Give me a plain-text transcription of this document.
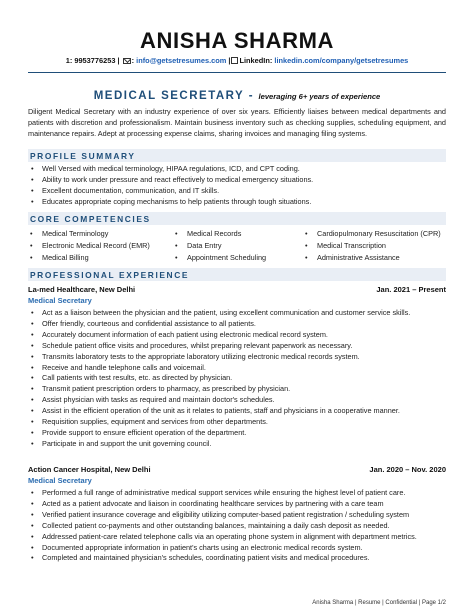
ANISHA SHARMA
1: 9953776253 | : info@getsetresumes.com | LinkedIn: linkedin.com/company/getsetresumes
MEDICAL SECRETARY - leveraging 6+ years of experience
Diligent Medical Secretary with an industry experience of over six years. Efficiently liaises between medical departments and patients with discretion and professionalism. Maintain business inventory such as checking supplies, scheduling equipment, and maintenance repairs. Adept at processing expense claims, sharing invoices and managing filing systems.
PROFILE SUMMARY
• Well Versed with medical terminology, HIPAA regulations, ICD, and CPT coding.
• Ability to work under pressure and react effectively to medical emergency situations.
• Excellent documentation, communication, and IT skills.
• Educates appropriate coping mechanisms to help patients through tough situations.
CORE COMPETENCIES
• Medical Terminology
• Electronic Medical Record (EMR)
• Medical Billing
• Medical Records
• Data Entry
• Appointment Scheduling
• Cardiopulmonary Resuscitation (CPR)
• Medical Transcription
• Administrative Assistance
PROFESSIONAL EXPERIENCE
La-med Healthcare, New Delhi	Jan. 2021 – Present
Medical Secretary
• Act as a liaison between the physician and the patient, using excellent communication and customer service skills.
• Offer friendly, courteous and confidential assistance to all patients.
• Accurately document information of each patient using electronic medical record system.
• Schedule patient office visits and procedures, whilst preparing relevant paperwork as necessary.
• Transmits laboratory tests to the appropriate laboratory utilizing electronic medical records system.
• Receive and handle telephone calls and voicemail.
• Call patients with test results, etc. as directed by physician.
• Transmit patient prescription orders to pharmacy, as prescribed by physician.
• Assist physician with tasks as required and maintain doctor's schedules.
• Assist in the efficient operation of the unit as it relates to patients, staff and physicians in a cooperative manner.
• Requisition supplies, equipment and services from other departments.
• Provide support to ensure efficient operation of the department.
• Participate in and support the unit governing council.
Action Cancer Hospital, New Delhi	Jan. 2020 – Nov. 2020
Medical Secretary
• Performed a full range of administrative medical support services while ensuring the highest level of patient care.
• Acted as a patient advocate and liaison in coordinating healthcare services by partnering with a care team
• Verified patient insurance coverage and eligibility utilizing computer-based patient registration / scheduling system
• Collected patient co-payments and other outstanding balances, maintaining a daily cash deposit as needed.
• Addressed patient-care related telephone calls via an operating phone system in alignment with department metrics.
• Documented appropriate information in patient's charts using an electronic medical records system.
• Completed and maintained physician's schedules, coordinating patient visits and medical procedures.
Anisha Sharma | Resume | Confidential | Page 1/2
